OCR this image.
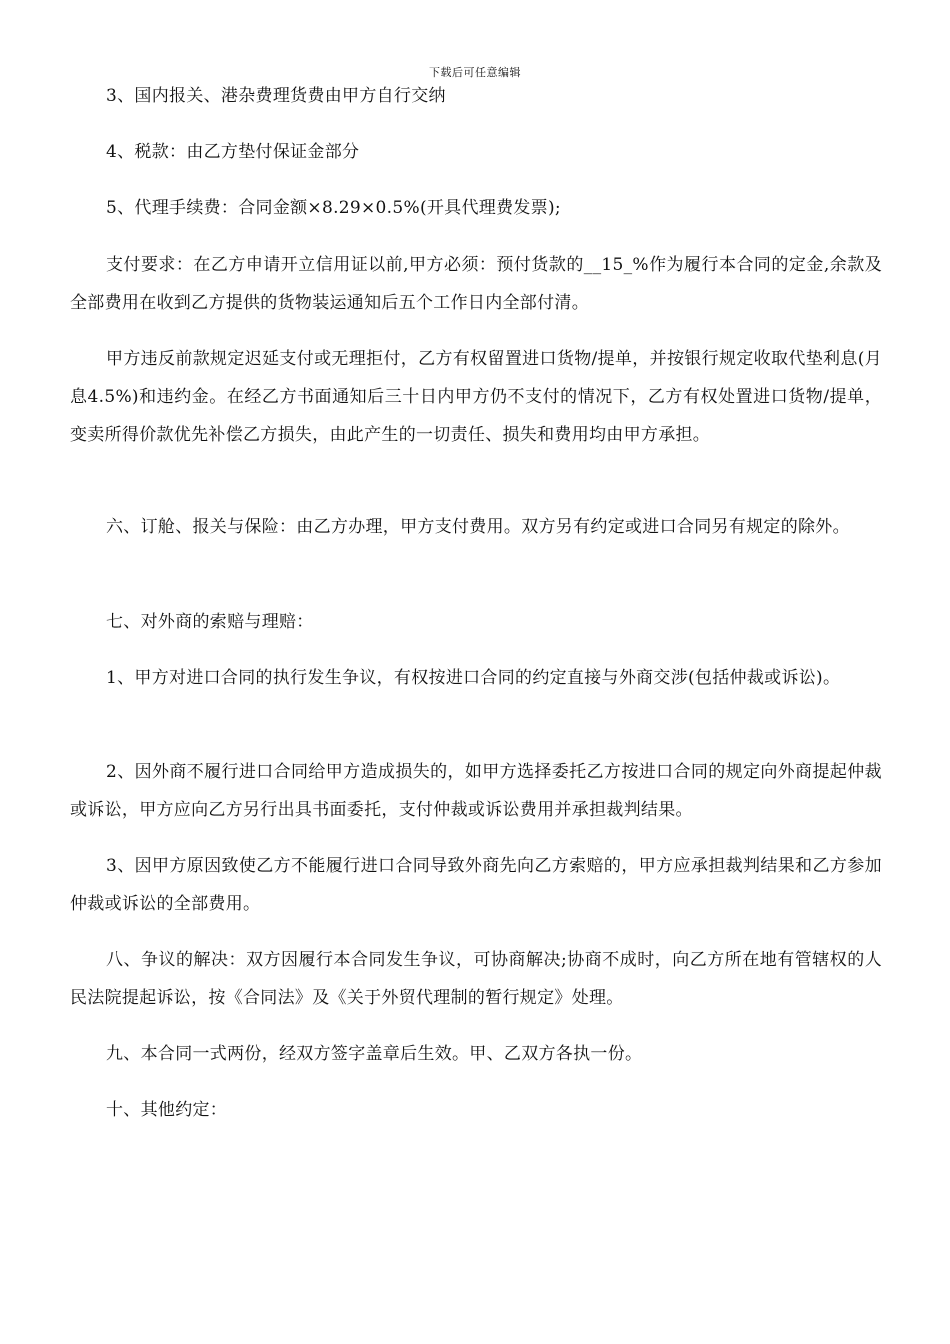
下载后可任意编辑

3、国内报关、港杂费理货费由甲方自行交纳

4、税款：由乙方垫付保证金部分

5、代理手续费：合同金额×8.29×0.5%(开具代理费发票);

支付要求：在乙方申请开立信用证以前,甲方必须：预付货款的__15_%作为履行本合同的定金,余款及全部费用在收到乙方提供的货物装运通知后五个工作日内全部付清。

甲方违反前款规定迟延支付或无理拒付，乙方有权留置进口货物/提单，并按银行规定收取代垫利息(月息4.5%)和违约金。在经乙方书面通知后三十日内甲方仍不支付的情况下，乙方有权处置进口货物/提单，变卖所得价款优先补偿乙方损失，由此产生的一切责任、损失和费用均由甲方承担。

六、订舱、报关与保险：由乙方办理，甲方支付费用。双方另有约定或进口合同另有规定的除外。

七、对外商的索赔与理赔：

1、甲方对进口合同的执行发生争议，有权按进口合同的约定直接与外商交涉(包括仲裁或诉讼)。

2、因外商不履行进口合同给甲方造成损失的，如甲方选择委托乙方按进口合同的规定向外商提起仲裁或诉讼，甲方应向乙方另行出具书面委托，支付仲裁或诉讼费用并承担裁判结果。

3、因甲方原因致使乙方不能履行进口合同导致外商先向乙方索赔的，甲方应承担裁判结果和乙方参加仲裁或诉讼的全部费用。

八、争议的解决：双方因履行本合同发生争议，可协商解决;协商不成时，向乙方所在地有管辖权的人民法院提起诉讼，按《合同法》及《关于外贸代理制的暂行规定》处理。

九、本合同一式两份，经双方签字盖章后生效。甲、乙双方各执一份。

十、其他约定：
